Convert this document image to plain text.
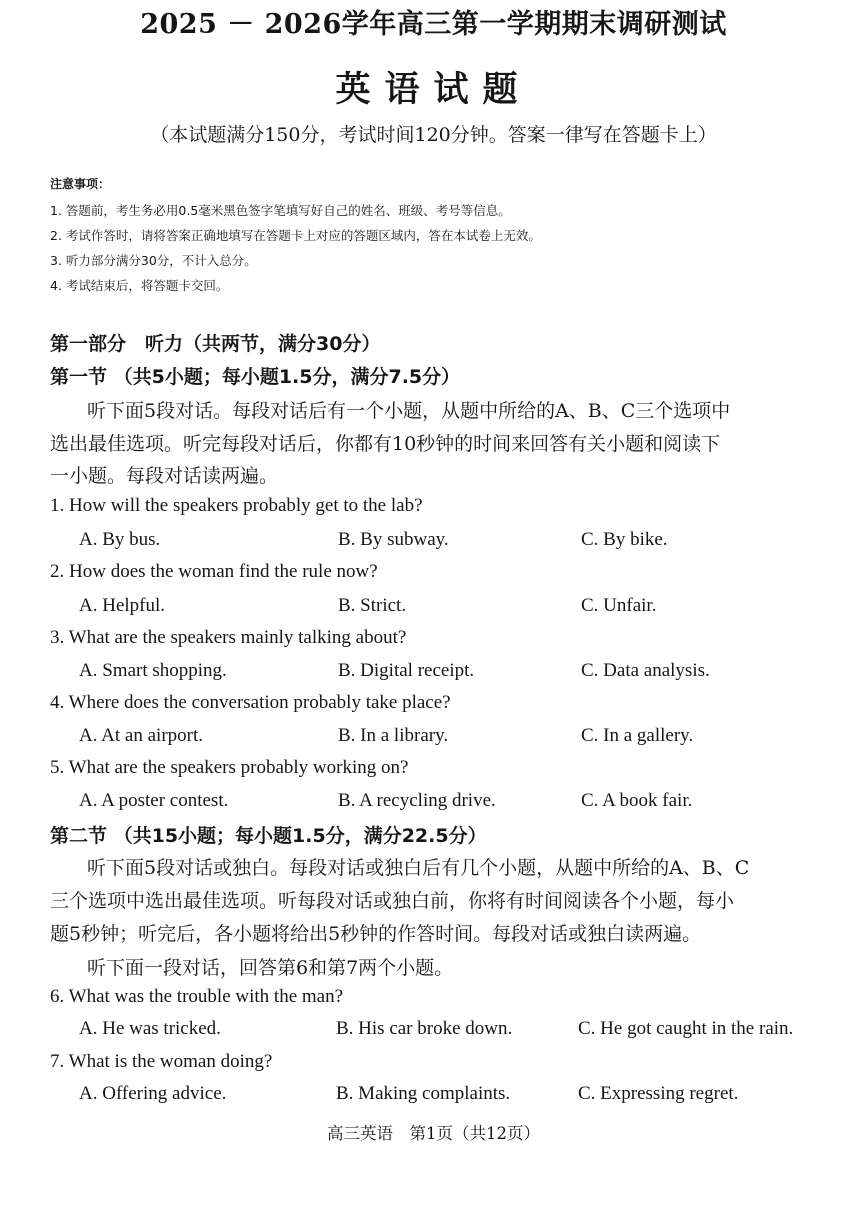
2025 － 2026学年高三第一学期期末调研测试
英语试题
（本试题满分150分，考试时间120分钟。答案一律写在答题卡上）
注意事项：
1. 答题前，考生务必用0.5毫米黑色签字笔填写好自己的姓名、班级、考号等信息。
2. 考试作答时，请将答案正确地填写在答题卡上对应的答题区域内，答在本试卷上无效。
3. 听力部分满分30分，不计入总分。
4. 考试结束后，将答题卡交回。
第一部分　听力（共两节，满分30分）
第一节 （共5小题；每小题1.5分，满分7.5分）
听下面5段对话。每段对话后有一个小题，从题中所给的A、B、C三个选项中
选出最佳选项。听完每段对话后，你都有10秒钟的时间来回答有关小题和阅读下
一小题。每段对话读两遍。
1. How will the speakers probably get to the lab?
A. By bus.	B. By subway.	C. By bike.
2. How does the woman find the rule now?
A. Helpful.	B. Strict.	C. Unfair.
3. What are the speakers mainly talking about?
A. Smart shopping.	B. Digital receipt.	C. Data analysis.
4. Where does the conversation probably take place?
A. At an airport.	B. In a library.	C. In a gallery.
5. What are the speakers probably working on?
A. A poster contest.	B. A recycling drive.	C. A book fair.
第二节 （共15小题；每小题1.5分，满分22.5分）
听下面5段对话或独白。每段对话或独白后有几个小题，从题中所给的A、B、C
三个选项中选出最佳选项。听每段对话或独白前，你将有时间阅读各个小题，每小
题5秒钟；听完后，各小题将给出5秒钟的作答时间。每段对话或独白读两遍。
听下面一段对话，回答第6和第7两个小题。
6. What was the trouble with the man?
A. He was tricked.	B. His car broke down.	C. He got caught in the rain.
7. What is the woman doing?
A. Offering advice.	B. Making complaints.	C. Expressing regret.
高三英语　第1页（共12页）
